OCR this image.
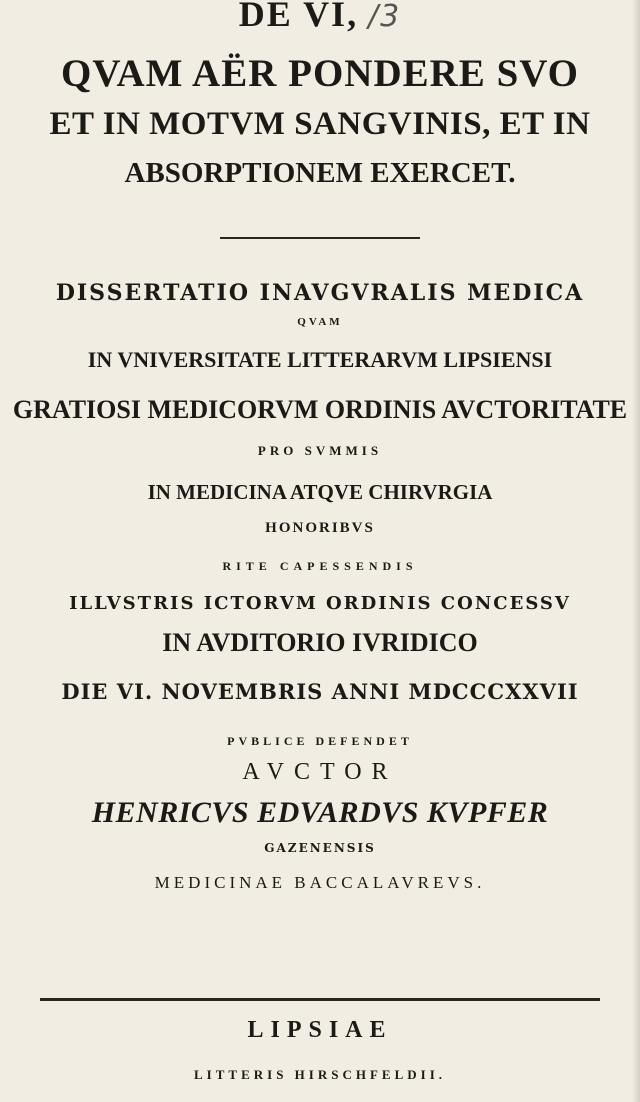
DE VI, /3
QVAM AËR PONDERE SVO
ET IN MOTVM SANGVINIS, ET IN
ABSORPTIONEM EXERCET.
DISSERTATIO INAVGVRALIS MEDICA
QVAM
IN VNIVERSITATE LITTERARVM LIPSIENSI
GRATIOSI MEDICORVM ORDINIS AVCTORITATE
PRO SVMMIS
IN MEDICINA ATQVE CHIRVRGIA
HONORIBVS
RITE CAPESSENDIS
ILLVSTRIS ICTORVM ORDINIS CONCESSV
IN AVDITORIO IVRIDICO
DIE VI. NOVEMBRIS ANNI MDCCCXXVII
PVBLICE DEFENDET
AVCTOR
HENRICVS EDVARDVS KVPFER
GAZENENSIS
MEDICINAE BACCALAVREVS.
LIPSIAE
LITTERIS HIRSCHFELDII.
